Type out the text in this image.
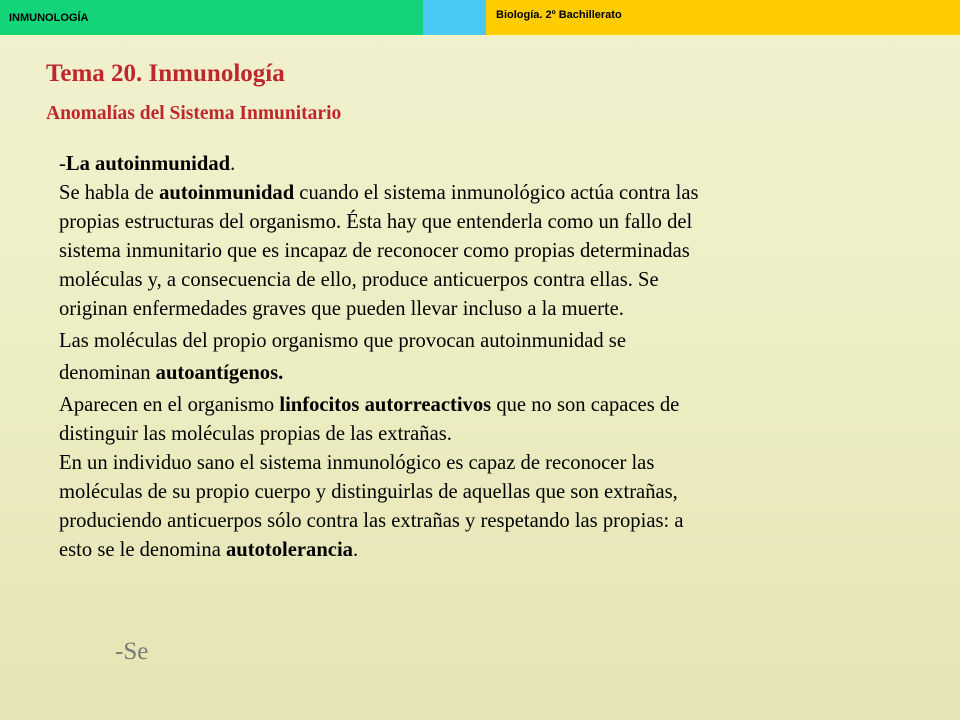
INMUNOLOGÍA	Biología. 2º Bachillerato
Tema 20. Inmunología
Anomalías del Sistema Inmunitario
-La autoinmunidad.
Se habla de autoinmunidad cuando el sistema inmunológico actúa contra las
propias estructuras del organismo. Ésta hay que entenderla como un fallo del
sistema inmunitario que es incapaz de reconocer como propias determinadas
moléculas y, a consecuencia de ello, produce anticuerpos contra ellas. Se
originan enfermedades graves que pueden llevar incluso a la muerte.
Las moléculas del propio organismo que provocan autoinmunidad se
denominan autoantígenos.
Aparecen en el organismo linfocitos autorreactivos que no son capaces de
distinguir las moléculas propias de las extrañas.
En un individuo sano el sistema inmunológico es capaz de reconocer las
moléculas de su propio cuerpo y distinguirlas de aquellas que son extrañas,
produciendo anticuerpos sólo contra las extrañas y respetando las propias: a
esto se le denomina autotolerancia.
-Se
